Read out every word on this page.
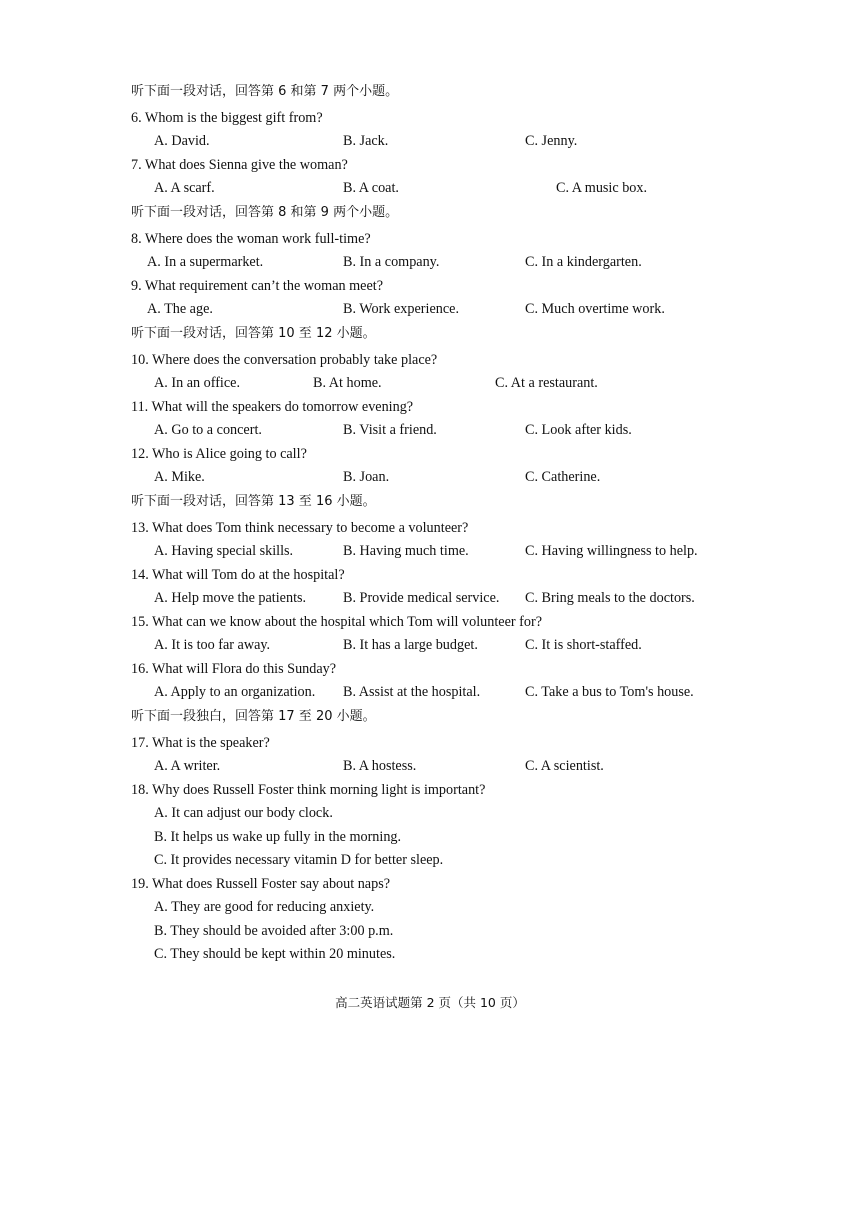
听下面一段对话，回答第 6 和第 7 两个小题。
6. Whom is the biggest gift from?
A. David.	B. Jack.	C. Jenny.
7. What does Sienna give the woman?
A. A scarf.	B. A coat.	C. A music box.
听下面一段对话，回答第 8 和第 9 两个小题。
8. Where does the woman work full-time?
A. In a supermarket.	B. In a company.	C. In a kindergarten.
9. What requirement can’t the woman meet?
A. The age.	B. Work experience.	C. Much overtime work.
听下面一段对话，回答第 10 至 12 小题。
10. Where does the conversation probably take place?
A. In an office.	B. At home.	C. At a restaurant.
11. What will the speakers do tomorrow evening?
A. Go to a concert.	B. Visit a friend.	C. Look after kids.
12. Who is Alice going to call?
A. Mike.	B. Joan.	C. Catherine.
听下面一段对话，回答第 13 至 16 小题。
13. What does Tom think necessary to become a volunteer?
A. Having special skills.	B. Having much time.	C. Having willingness to help.
14. What will Tom do at the hospital?
A. Help move the patients.	B. Provide medical service. C. Bring meals to the doctors.
15. What can we know about the hospital which Tom will volunteer for?
A. It is too far away.	B. It has a large budget.	C. It is short-staffed.
16. What will Flora do this Sunday?
A. Apply to an organization. B. Assist at the hospital.	C. Take a bus to Tom's house.
听下面一段独白，回答第 17 至 20 小题。
17. What is the speaker?
A. A writer.	B. A hostess.	C. A scientist.
18. Why does Russell Foster think morning light is important?
A. It can adjust our body clock.
B. It helps us wake up fully in the morning.
C. It provides necessary vitamin D for better sleep.
19. What does Russell Foster say about naps?
A. They are good for reducing anxiety.
B. They should be avoided after 3:00 p.m.
C. They should be kept within 20 minutes.
高二英语试题第 2 页（共 10 页）
